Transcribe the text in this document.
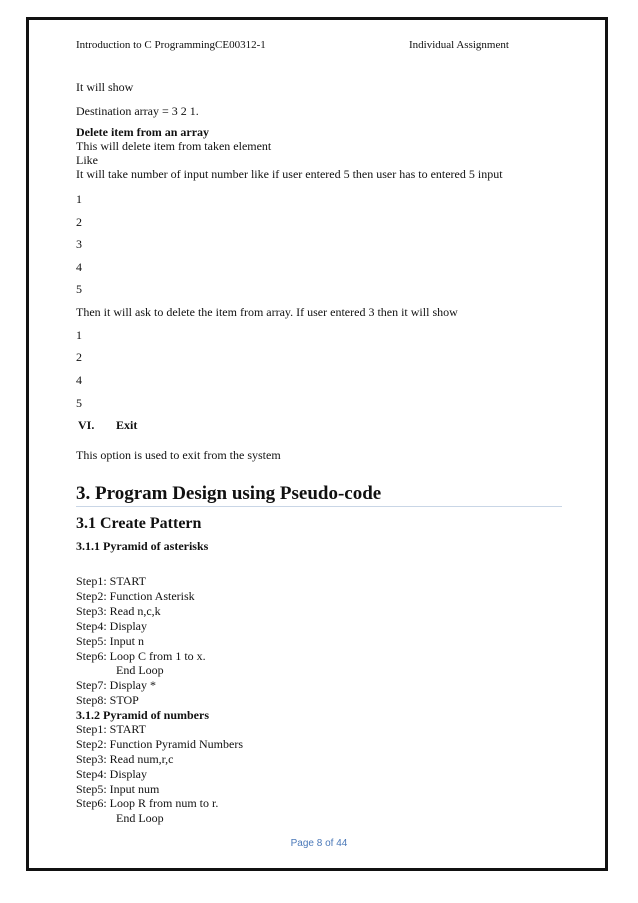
Introduction to C ProgrammingCE00312-1	Individual Assignment
It will show
Destination array = 3 2 1.
Delete item from an array
This will delete item from taken element
Like
It will take number of input number like if user entered 5 then user has to entered 5 input
1
2
3
4
5
Then it will ask to delete the item from array. If user entered 3 then it will show
1
2
4
5
VI. Exit
This option is used to exit from the system
3. Program Design using Pseudo-code
3.1 Create Pattern
3.1.1 Pyramid of asterisks
Step1: START
Step2: Function Asterisk
Step3: Read n,c,k
Step4: Display
Step5: Input n
Step6: Loop C from 1 to x.
End Loop
Step7: Display *
Step8: STOP
3.1.2 Pyramid of numbers
Step1: START
Step2: Function Pyramid Numbers
Step3: Read num,r,c
Step4: Display
Step5: Input num
Step6: Loop R from num to r.
End Loop
Page 8 of 44
